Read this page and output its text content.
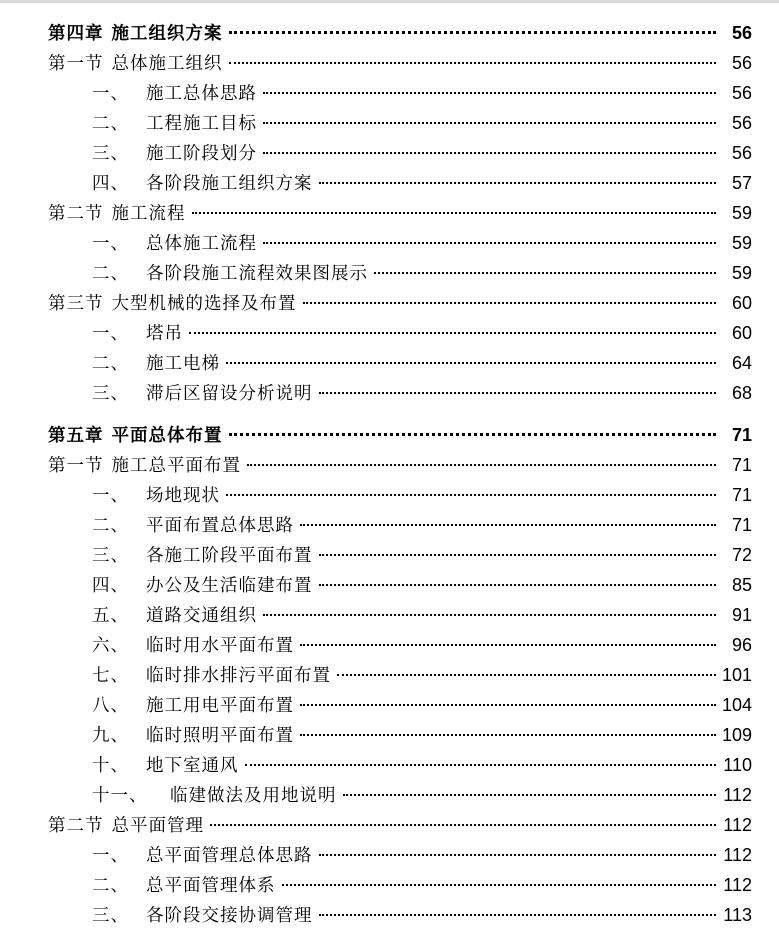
第四章 施工组织方案	56
第一节 总体施工组织	56
一、 施工总体思路	56
二、 工程施工目标	56
三、 施工阶段划分	56
四、 各阶段施工组织方案	57
第二节 施工流程	59
一、 总体施工流程	59
二、 各阶段施工流程效果图展示	59
第三节 大型机械的选择及布置	60
一、 塔吊	60
二、 施工电梯	64
三、 滞后区留设分析说明	68
第五章 平面总体布置	71
第一节 施工总平面布置	71
一、 场地现状	71
二、 平面布置总体思路	71
三、 各施工阶段平面布置	72
四、 办公及生活临建布置	85
五、 道路交通组织	91
六、 临时用水平面布置	96
七、 临时排水排污平面布置	101
八、 施工用电平面布置	104
九、 临时照明平面布置	109
十、 地下室通风	110
十一、	临建做法及用地说明	112
第二节 总平面管理	112
一、 总平面管理总体思路	112
二、 总平面管理体系	112
三、 各阶段交接协调管理	113
